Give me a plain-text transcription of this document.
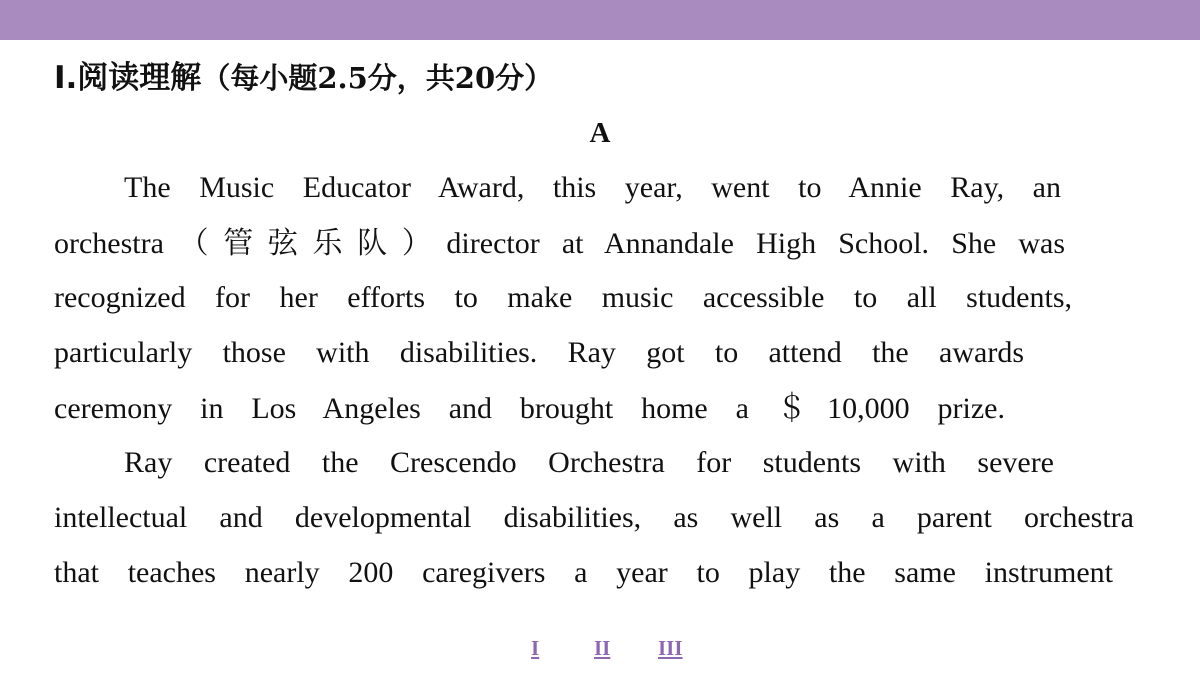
I.阅读理解（每小题2.5分，共20分）
A
The Music Educator Award, this year, went to Annie Ray, an
orchestra（管弦乐队）director at Annandale High School. She was
recognized for her efforts to make music accessible to all students,
particularly those with disabilities. Ray got to attend the awards
ceremony in Los Angeles and brought home a ＄10,000 prize.
Ray created the Crescendo Orchestra for students with severe
intellectual and developmental disabilities, as well as a parent orchestra
that teaches nearly 200 caregivers a year to play the same instrument
I	II III
